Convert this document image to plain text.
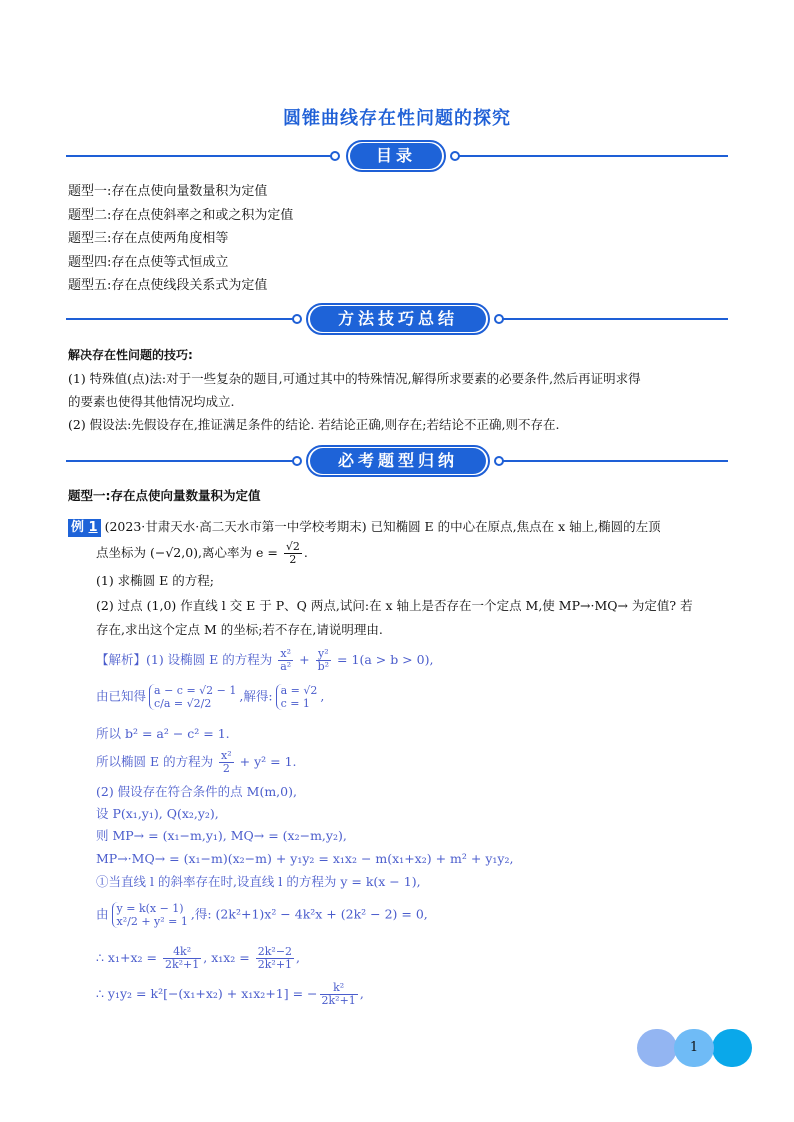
圆锥曲线存在性问题的探究
目录
题型一:存在点使向量数量积为定值
题型二:存在点使斜率之和或之积为定值
题型三:存在点使两角度相等
题型四:存在点使等式恒成立
题型五:存在点使线段关系式为定值
方法技巧总结
解决存在性问题的技巧:
(1) 特殊值(点)法:对于一些复杂的题目,可通过其中的特殊情况,解得所求要素的必要条件,然后再证明求得
的要素也使得其他情况均成立.
(2) 假设法:先假设存在,推证满足条件的结论. 若结论正确,则存在;若结论不正确,则不存在.
必考题型归纳
题型一:存在点使向量数量积为定值
例 1 (2023·甘肃天水·高二天水市第一中学校考期末) 已知椭圆 E 的中心在原点,焦点在 x 轴上,椭圆的左顶
点坐标为 (−√2,0),离心率为 $e = \frac{√2}{2}$ .
(1) 求椭圆 E 的方程;
(2) 过点 (1,0) 作直线 l 交 E 于 P、Q 两点,试问:在 x 轴上是否存在一个定点 M,使 MP→·MQ→ 为定值? 若
存在,求出这个定点 M 的坐标;若不存在,请说明理由.
【解析】(1) 设椭圆 E 的方程为 $\frac{\text{x²}}{\text{a²}} + \frac{\text{y²}}{\text{b²}} = 1(a > b > 0)$,
由已知得 a − c = √2 − 1
c/a = √2/2	,解得: a = √2
c = 1 ,
所以 b² = a² − c² = 1.
所以椭圆 E 的方程为 $\frac{\text{x²}}{2} + y^2 = 1$.
(2) 假设存在符合条件的点 M(m,0),
设 P(x₁,y₁), Q(x₂,y₂),
则 MP→ = (x₁−m,y₁), MQ→ = (x₂−m,y₂),
MP→·MQ→ = (x₁−m)(x₂−m) + y₁y₂ = x₁x₂ − m(x₁+x₂) + m² + y₁y₂,
①当直线 l 的斜率存在时,设直线 l 的方程为 y = k(x − 1),
由 y = k(x − 1)
x²/2 + y² = 1 ,得: (2k²+1)x² − 4k²x + (2k² − 2) = 0,
∴ $x_1+x_2 = \frac{\text{4k²}}{\text{2k²+1}}$ , $x_1x_2 = \frac{\text{2k²−2}}{\text{2k²+1}}$ ,
∴ y₁y₂ = k²[−(x₁+x₂) + x₁x₂+1] = − $\frac{\text{k²}}{\text{2k²+1}}$ ,
1
